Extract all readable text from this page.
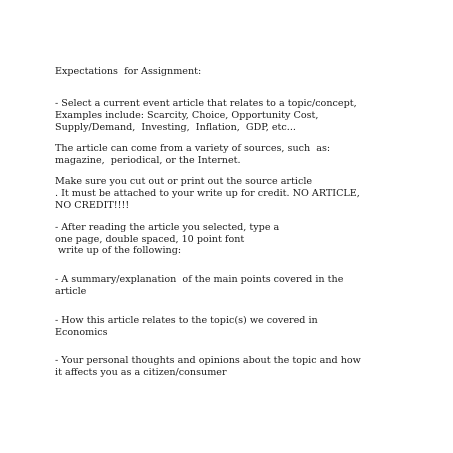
Expectations  for Assignment:
- Select a current event article that relates to a topic/concept,
Examples include: Scarcity, Choice, Opportunity Cost,
Supply/Demand,  Investing,  Inflation,  GDP, etc...
The article can come from a variety of sources, such  as:
magazine,  periodical, or the Internet.
Make sure you cut out or print out the source article
. It must be attached to your write up for credit. NO ARTICLE,
NO CREDIT!!!!
- After reading the article you selected, type a
one page, double spaced, 10 point font
write up of the following:
- A summary/explanation  of the main points covered in the
article
- How this article relates to the topic(s) we covered in
Economics
- Your personal thoughts and opinions about the topic and how
it affects you as a citizen/consumer
